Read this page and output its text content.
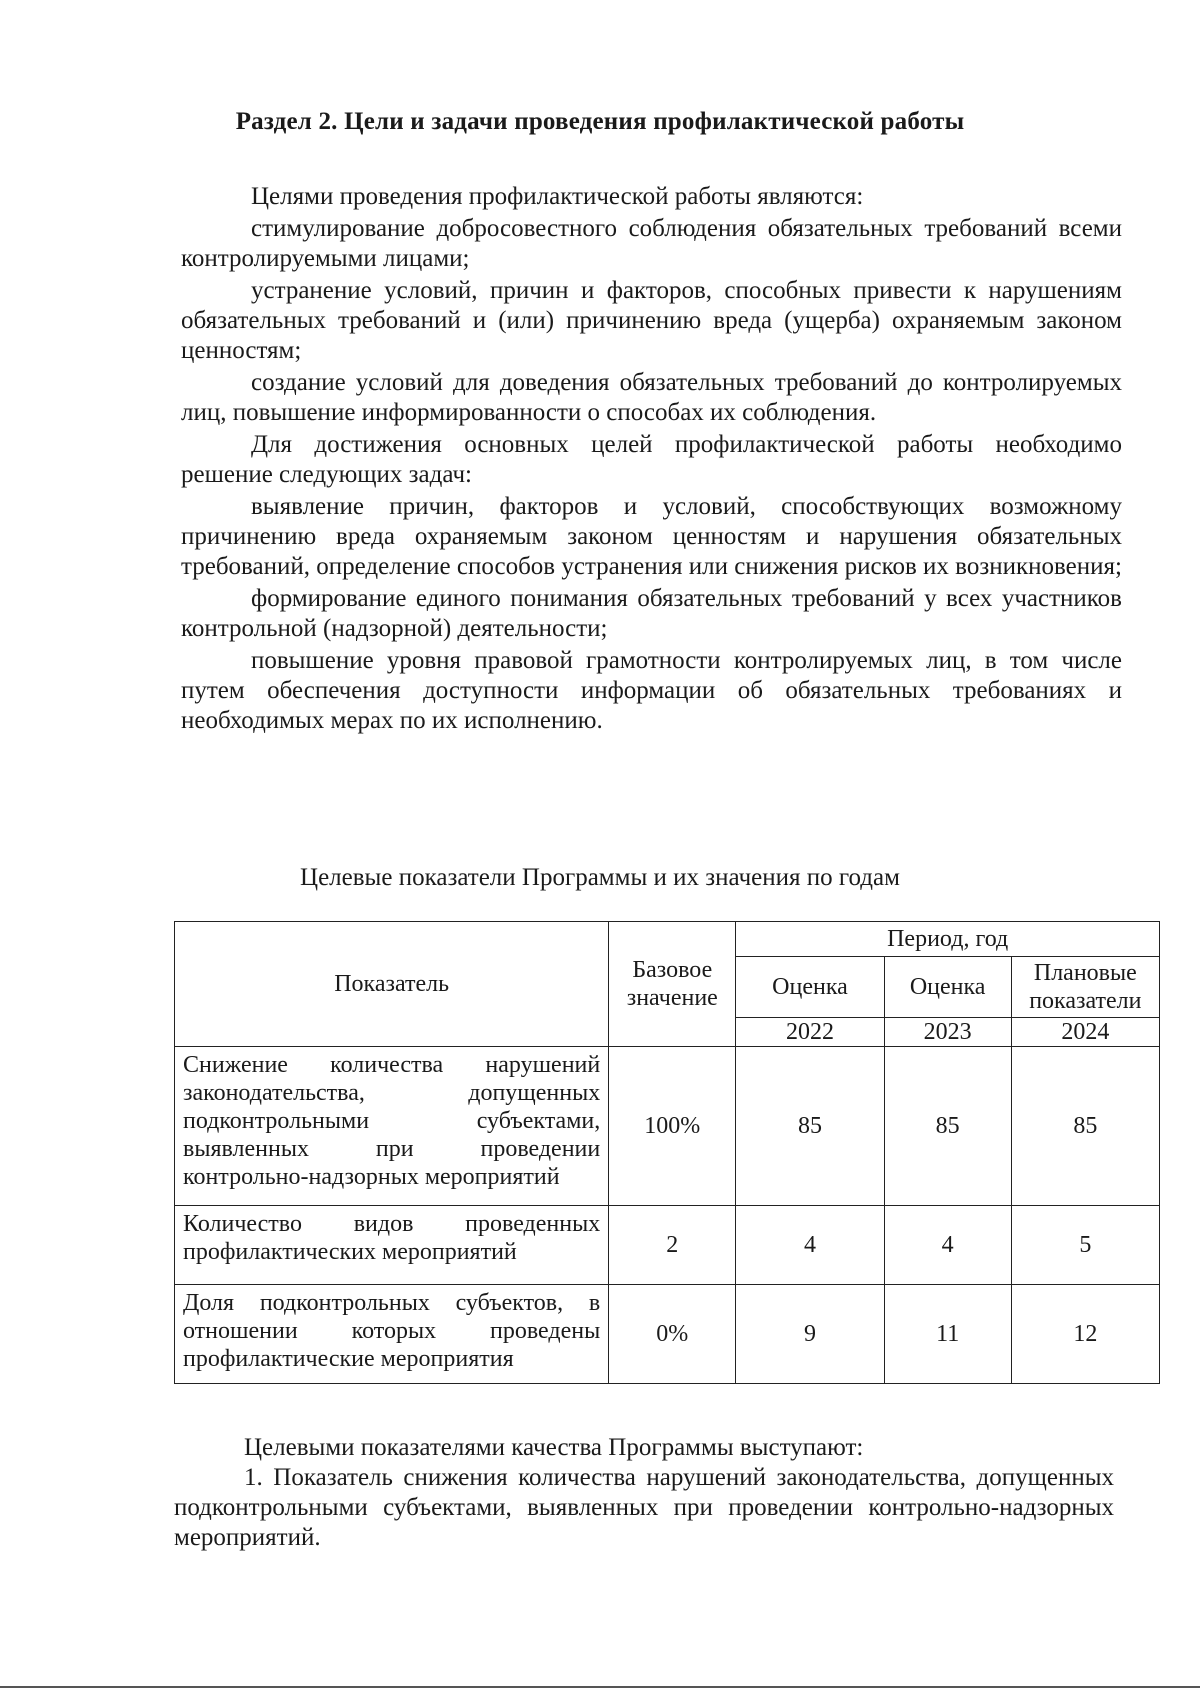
Раздел 2. Цели и задачи проведения профилактической работы

Целями проведения профилактической работы являются:

стимулирование добросовестного соблюдения обязательных требований всеми контролируемыми лицами;

устранение условий, причин и факторов, способных привести к нарушениям обязательных требований и (или) причинению вреда (ущерба) охраняемым законом ценностям;

создание условий для доведения обязательных требований до контролируемых лиц, повышение информированности о способах их соблюдения.

Для достижения основных целей профилактической работы необходимо решение следующих задач:

выявление причин, факторов и условий, способствующих возможному причинению вреда охраняемым законом ценностям и нарушения обязательных требований, определение способов устранения или снижения рисков их возникновения;

формирование единого понимания обязательных требований у всех участников контрольной (надзорной) деятельности;

повышение уровня правовой грамотности контролируемых лиц, в том числе путем обеспечения доступности информации об обязательных требованиях и необходимых мерах по их исполнению.

Целевые показатели Программы и их значения по годам
Показатель	Базовое значение	Период, год		
		Оценка	Оценка	Плановые показатели
		2022	2023	2024
Снижение количества нарушений законодательства, допущенных подконтрольными субъектами, выявленных при проведении контрольно-надзорных мероприятий	100%	85	85	85
Количество видов проведенных профилактических мероприятий	2	4	4	5
Доля подконтрольных субъектов, в отношении которых проведены профилактические мероприятия	0%	9	11	12

Целевыми показателями качества Программы выступают:

1. Показатель снижения количества нарушений законодательства, допущенных подконтрольными субъектами, выявленных при проведении контрольно-надзорных мероприятий.
